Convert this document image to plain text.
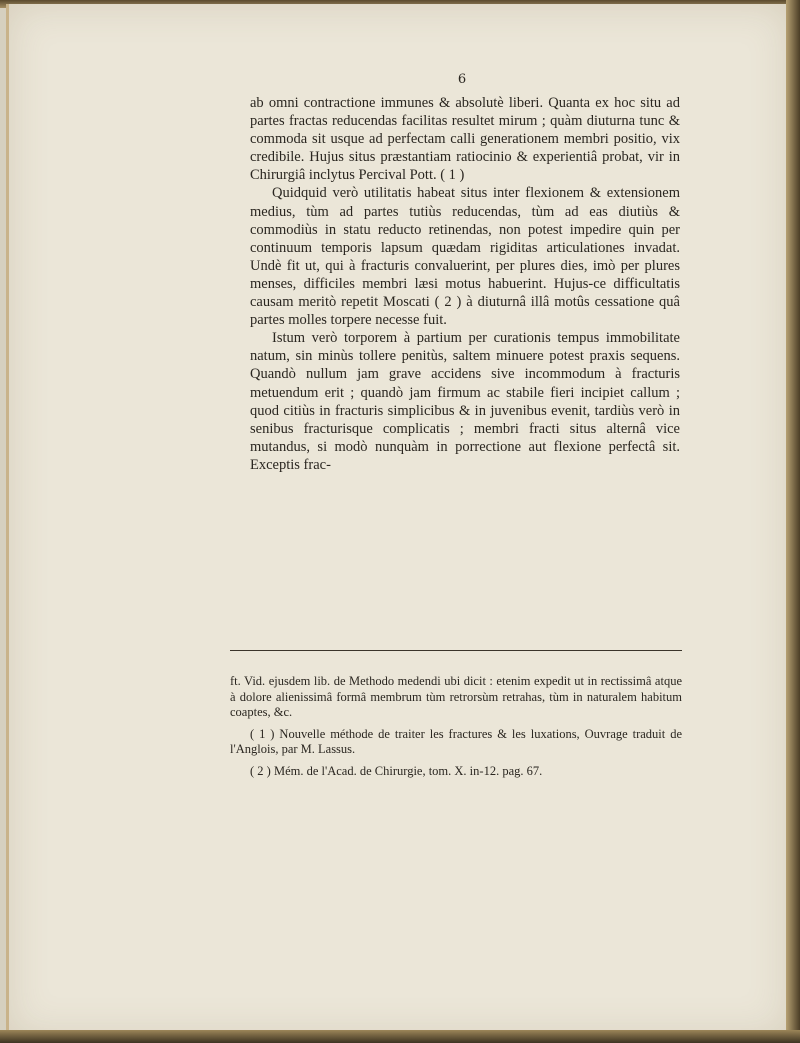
6

ab omni contractione immunes & absolutè liberi. Quanta ex hoc situ ad partes fractas reducendas facilitas resultet mirum ; quàm diuturna tunc & commoda sit usque ad perfectam calli generationem membri positio, vix credibile. Hujus situs præstantiam ratiocinio & experientiâ probat, vir in Chirurgiâ inclytus Percival Pott. ( 1 )

Quidquid verò utilitatis habeat situs inter flexionem & extensionem medius, tùm ad partes tutiùs reducendas, tùm ad eas diutiùs & commodiùs in statu reducto retinendas, non potest impedire quin per continuum temporis lapsum quædam rigiditas articulationes invadat. Undè fit ut, qui à fracturis convaluerint, per plures dies, imò per plures menses, difficiles membri læsi motus habuerint. Hujus-ce difficultatis causam meritò repetit Moscati ( 2 ) à diuturnâ illâ motûs cessatione quâ partes molles torpere necesse fuit.

Istum verò torporem à partium per curationis tempus immobilitate natum, sin minùs tollere penitùs, saltem minuere potest praxis sequens. Quandò nullum jam grave accidens sive incommodum à fracturis metuendum erit ; quandò jam firmum ac stabile fieri incipiet callum ; quod citiùs in fracturis simplicibus & in juvenibus evenit, tardiùs verò in senibus fracturisque complicatis ; membri fracti situs alternâ vice mutandus, si modò nunquàm in porrectione aut flexione perfectâ sit. Exceptis frac-

ft. Vid. ejusdem lib. de Methodo medendi ubi dicit : etenim expedit ut in rectissimâ atque à dolore alienissimâ formâ membrum tùm retrorsùm retrahas, tùm in naturalem habitum coaptes, &c.

( 1 ) Nouvelle méthode de traiter les fractures & les luxations, Ouvrage traduit de l'Anglois, par M. Lassus.

( 2 ) Mém. de l'Acad. de Chirurgie, tom. X. in-12. pag. 67.
